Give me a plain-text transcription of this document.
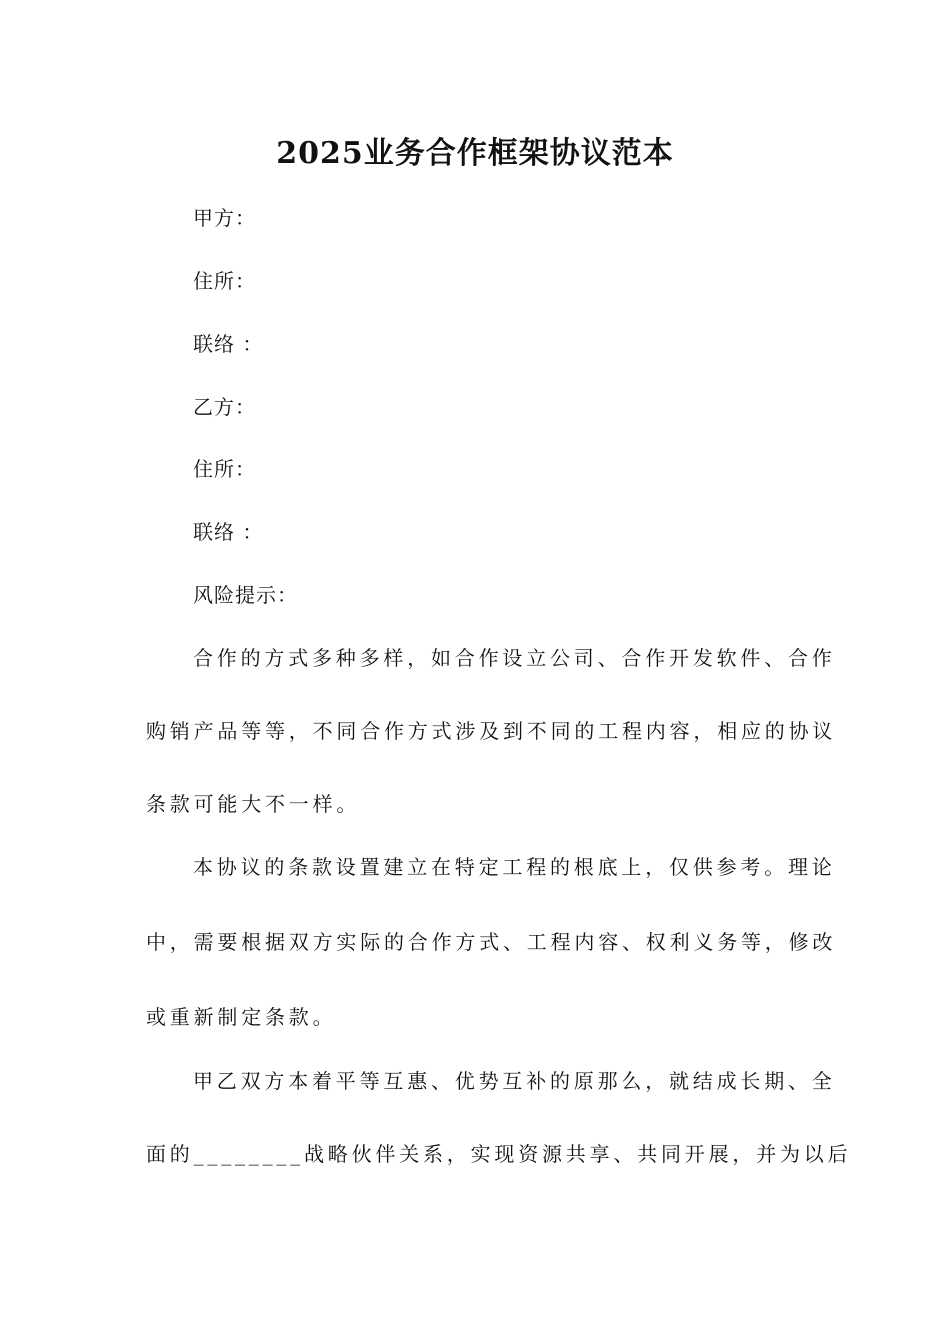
2025业务合作框架协议范本
甲方：
住所：
联络 ：
乙方：
住所：
联络 ：
风险提示：
合作的方式多种多样，如合作设立公司、合作开发软件、合作
购销产品等等，不同合作方式涉及到不同的工程内容，相应的协议
条款可能大不一样。
本协议的条款设置建立在特定工程的根底上，仅供参考。理论
中，需要根据双方实际的合作方式、工程内容、权利义务等，修改
或重新制定条款。
甲乙双方本着平等互惠、优势互补的原那么，就结成长期、全
面的________战略伙伴关系，实现资源共享、共同开展，并为以后
